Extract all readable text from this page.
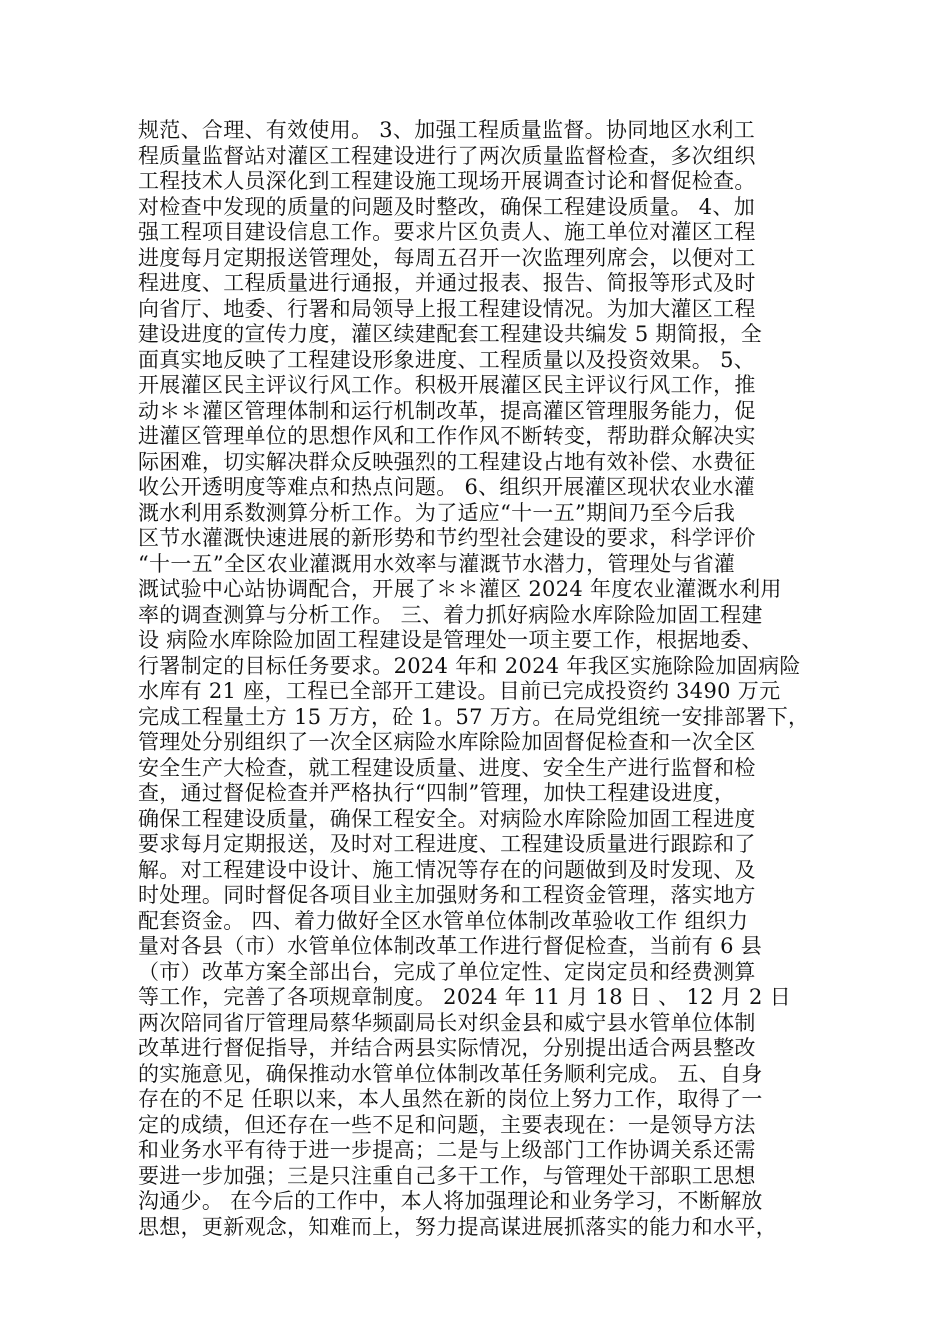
规范、合理、有效使用。 3、加强工程质量监督。协同地区水利工
程质量监督站对灌区工程建设进行了两次质量监督检查，多次组织
工程技术人员深化到工程建设施工现场开展调查讨论和督促检查。
对检查中发现的质量的问题及时整改，确保工程建设质量。 4、加
强工程项目建设信息工作。要求片区负责人、施工单位对灌区工程
进度每月定期报送管理处，每周五召开一次监理列席会，以便对工
程进度、工程质量进行通报，并通过报表、报告、简报等形式及时
向省厅、地委、行署和局领导上报工程建设情况。为加大灌区工程
建设进度的宣传力度，灌区续建配套工程建设共编发 5 期简报，全
面真实地反映了工程建设形象进度、工程质量以及投资效果。 5、
开展灌区民主评议行风工作。积极开展灌区民主评议行风工作，推
动＊＊灌区管理体制和运行机制改革，提高灌区管理服务能力，促
进灌区管理单位的思想作风和工作作风不断转变，帮助群众解决实
际困难，切实解决群众反映强烈的工程建设占地有效补偿、水费征
收公开透明度等难点和热点问题。 6、组织开展灌区现状农业水灌
溉水利用系数测算分析工作。为了适应“十一五”期间乃至今后我
区节水灌溉快速进展的新形势和节约型社会建设的要求，科学评价
“十一五”全区农业灌溉用水效率与灌溉节水潜力，管理处与省灌
溉试验中心站协调配合，开展了＊＊灌区 2024 年度农业灌溉水利用
率的调查测算与分析工作。 三、着力抓好病险水库除险加固工程建
设 病险水库除险加固工程建设是管理处一项主要工作，根据地委、
行署制定的目标任务要求。2024 年和 2024 年我区实施除险加固病险
水库有 21 座，工程已全部开工建设。目前已完成投资约 3490 万元
完成工程量土方 15 万方，砼 1。57 万方。在局党组统一安排部署下，
管理处分别组织了一次全区病险水库除险加固督促检查和一次全区
安全生产大检查，就工程建设质量、进度、安全生产进行监督和检
查，通过督促检查并严格执行“四制”管理，加快工程建设进度，
确保工程建设质量，确保工程安全。对病险水库除险加固工程进度
要求每月定期报送，及时对工程进度、工程建设质量进行跟踪和了
解。对工程建设中设计、施工情况等存在的问题做到及时发现、及
时处理。同时督促各项目业主加强财务和工程资金管理，落实地方
配套资金。 四、着力做好全区水管单位体制改革验收工作 组织力
量对各县（市）水管单位体制改革工作进行督促检查，当前有 6 县
（市）改革方案全部出台，完成了单位定性、定岗定员和经费测算
等工作，完善了各项规章制度。 2024 年 11 月 18 日 、 12 月 2 日
两次陪同省厅管理局蔡华频副局长对织金县和威宁县水管单位体制
改革进行督促指导，并结合两县实际情况，分别提出适合两县整改
的实施意见，确保推动水管单位体制改革任务顺利完成。 五、自身
存在的不足 任职以来，本人虽然在新的岗位上努力工作，取得了一
定的成绩，但还存在一些不足和问题，主要表现在：一是领导方法
和业务水平有待于进一步提高；二是与上级部门工作协调关系还需
要进一步加强；三是只注重自己多干工作，与管理处干部职工思想
沟通少。 在今后的工作中，本人将加强理论和业务学习，不断解放
思想，更新观念，知难而上，努力提高谋进展抓落实的能力和水平，
